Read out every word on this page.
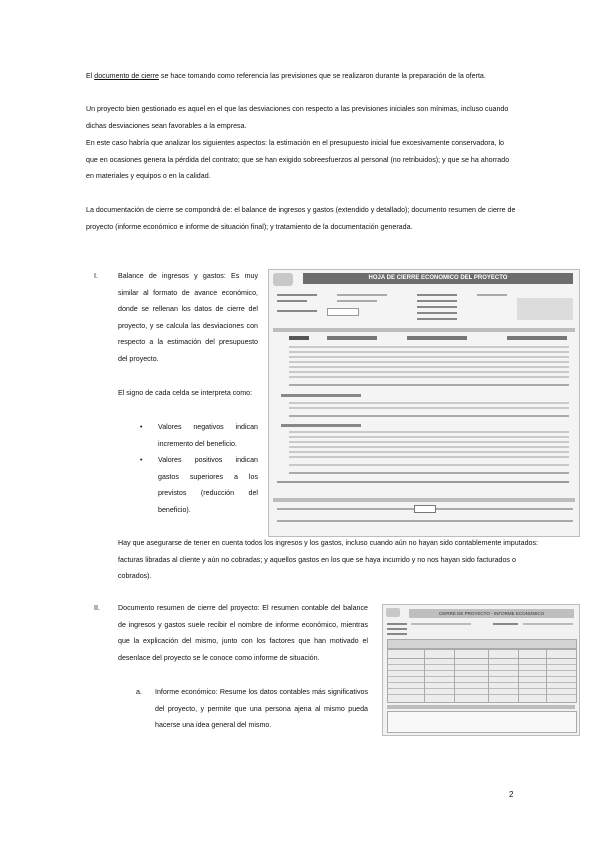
El documento de cierre se hace tomando como referencia las previsiones que se realizaron durante la preparación de la oferta.

Un proyecto bien gestionado es aquel en el que las desviaciones con respecto a las previsiones iniciales son mínimas, incluso cuando dichas desviaciones sean favorables a la empresa.

En este caso habría que analizar los siguientes aspectos: la estimación en el presupuesto inicial fue excesivamente conservadora, lo que en ocasiones genera la pérdida del contrato; que se han exigido sobreesfuerzos al personal (no retribuidos); y que se ha ahorrado en materiales y equipos o en la calidad.

La documentación de cierre se compondrá de: el balance de ingresos y gastos (extendido y detallado); documento resumen de cierre de proyecto (informe económico e informe de situación final); y tratamiento de la documentación generada.

I.	Balance de ingresos y gastos: Es muy similar al formato de avance económico, donde se rellenan los datos de cierre del proyecto, y se calcula las desviaciones con respecto a la estimación del presupuesto del proyecto.

El signo de cada celda se interpreta como:

• Valores negativos indican incremento del beneficio.
• Valores positivos indican gastos superiores a los previstos (reducción del beneficio).
HOJA DE CIERRE ECONOMICO DEL PROYECTO

Hay que asegurarse de tener en cuenta todos los ingresos y los gastos, incluso cuando aún no hayan sido contablemente imputados: facturas libradas al cliente y aún no cobradas; y aquellos gastos en los que se haya incurrido y no nos hayan sido facturados o cobrados).

II.	Documento resumen de cierre del proyecto: El resumen contable del balance de ingresos y gastos suele recibir el nombre de informe económico, mientras que la explicación del mismo, junto con los factores que han motivado el desenlace del proyecto se le conoce como informe de situación.

a. Informe económico: Resume los datos contables más significativos del proyecto, y permite que una persona ajena al mismo pueda hacerse una idea general del mismo.

CIERRE DE PROYECTO - INFORME ECONOMICO
2
